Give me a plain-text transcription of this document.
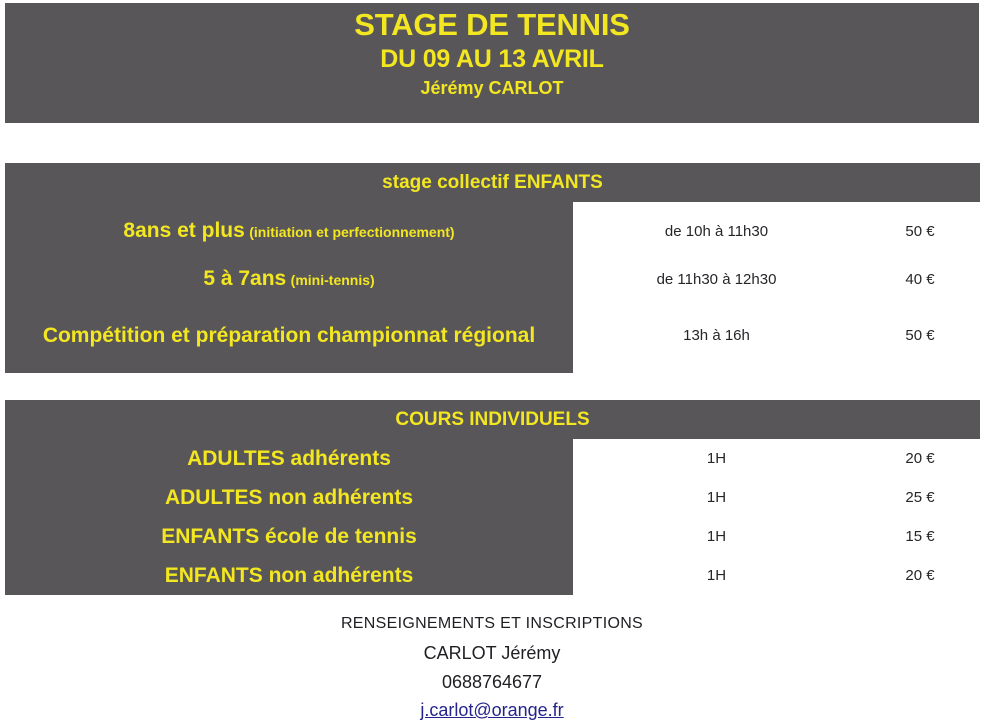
STAGE DE TENNIS
DU 09 AU 13 AVRIL
Jérémy CARLOT
stage collectif ENFANTS		
8ans et plus (initiation et perfectionnement)	de 10h à 11h30	50 €
5 à 7ans (mini-tennis)	de 11h30 à 12h30	40 €
Compétition et préparation championnat régional	13h à 16h	50 €
COURS INDIVIDUELS		
ADULTES adhérents	1H	20 €
ADULTES non adhérents	1H	25 €
ENFANTS école de tennis	1H	15 €
ENFANTS non adhérents	1H	20 €
RENSEIGNEMENTS ET INSCRIPTIONS
CARLOT Jérémy
0688764677
j.carlot@orange.fr
